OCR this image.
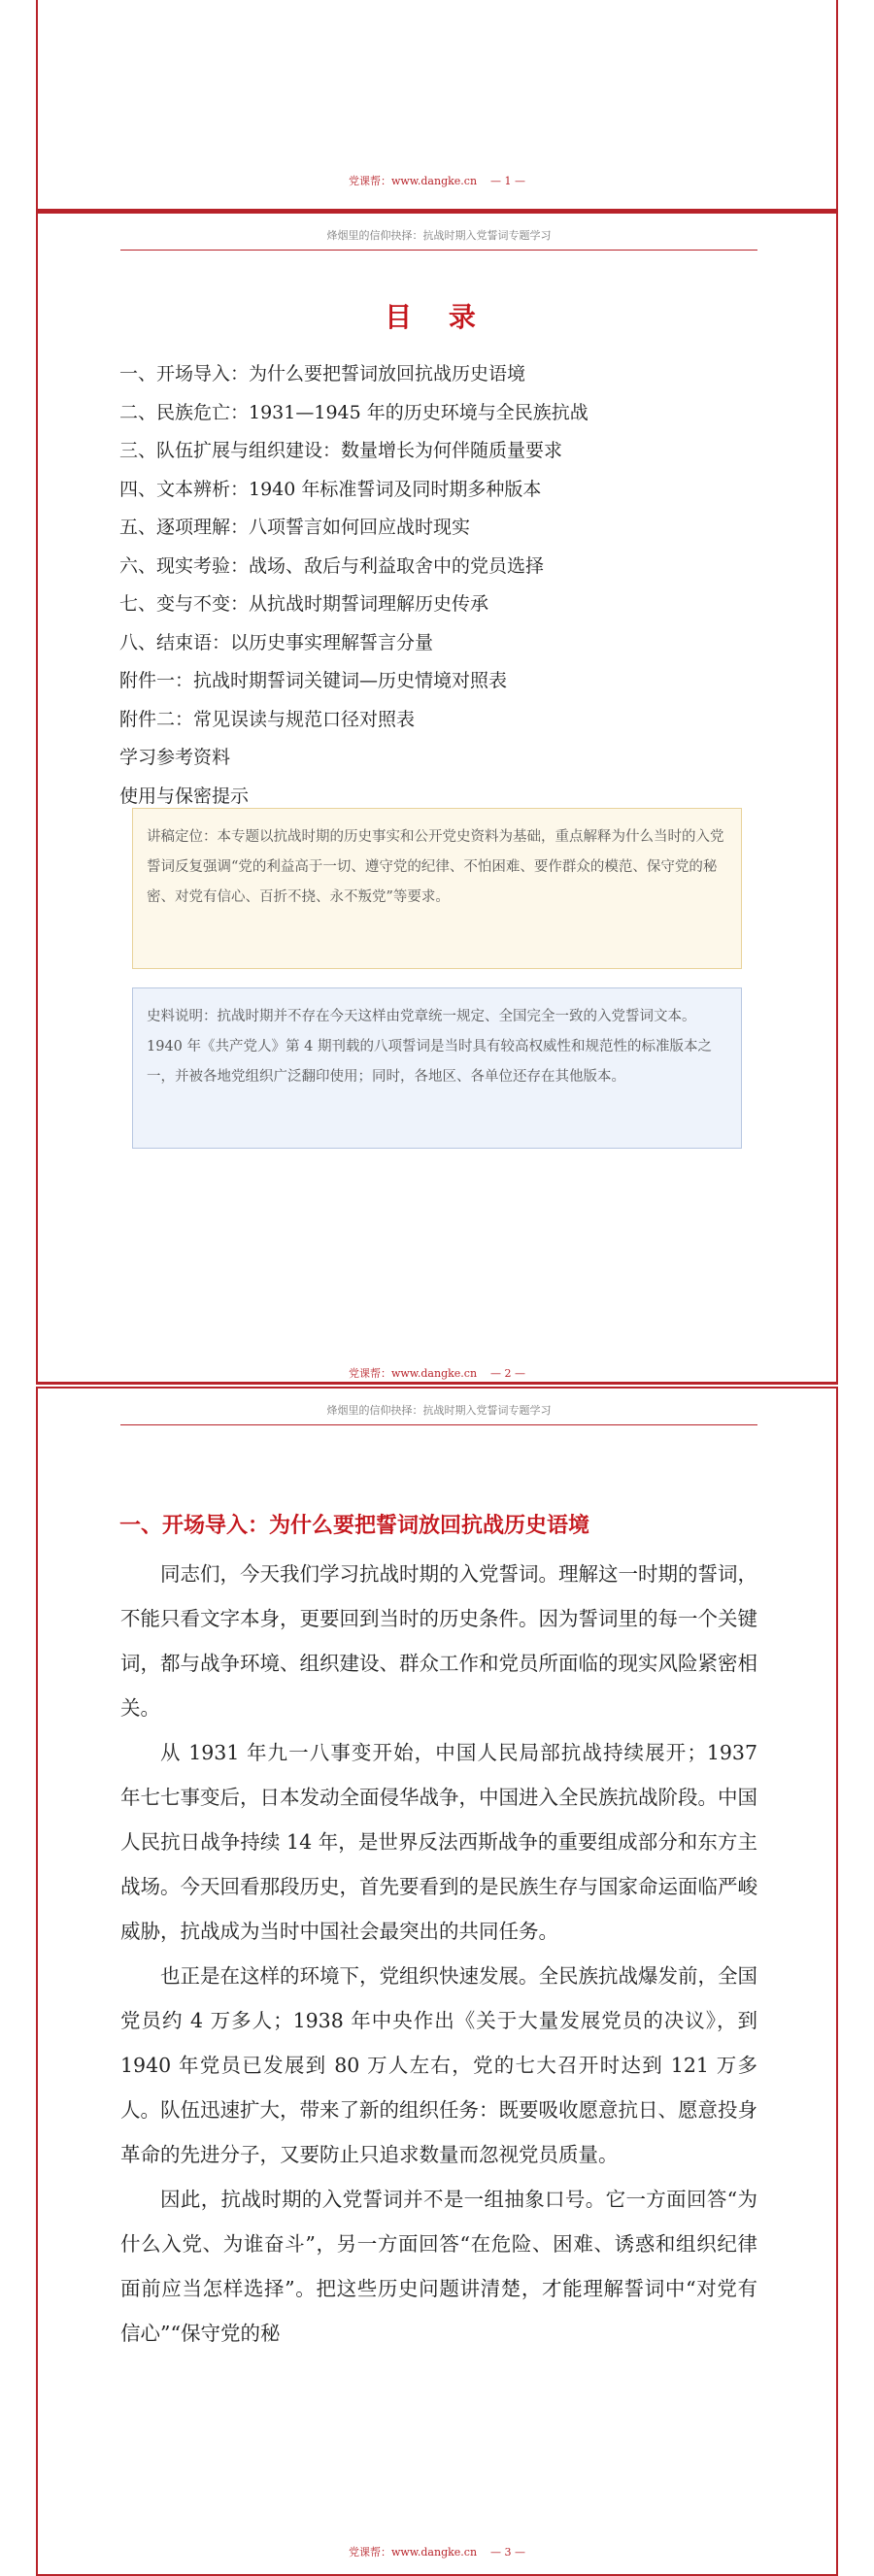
党课帮：www.dangke.cn — 1 —
烽烟里的信仰抉择：抗战时期入党誓词专题学习
目 录
一、开场导入：为什么要把誓词放回抗战历史语境
二、民族危亡：1931—1945 年的历史环境与全民族抗战
三、队伍扩展与组织建设：数量增长为何伴随质量要求
四、文本辨析：1940 年标准誓词及同时期多种版本
五、逐项理解：八项誓言如何回应战时现实
六、现实考验：战场、敌后与利益取舍中的党员选择
七、变与不变：从抗战时期誓词理解历史传承
八、结束语：以历史事实理解誓言分量
附件一：抗战时期誓词关键词—历史情境对照表
附件二：常见误读与规范口径对照表
学习参考资料
使用与保密提示
讲稿定位：本专题以抗战时期的历史事实和公开党史资料为基础，重点解释为什么当时的入党誓词反复强调“党的利益高于一切、遵守党的纪律、不怕困难、要作群众的模范、保守党的秘密、对党有信心、百折不挠、永不叛党”等要求。
史料说明：抗战时期并不存在今天这样由党章统一规定、全国完全一致的入党誓词文本。1940 年《共产党人》第 4 期刊载的八项誓词是当时具有较高权威性和规范性的标准版本之一，并被各地党组织广泛翻印使用；同时，各地区、各单位还存在其他版本。
党课帮：www.dangke.cn — 2 —
烽烟里的信仰抉择：抗战时期入党誓词专题学习
一、开场导入：为什么要把誓词放回抗战历史语境

同志们，今天我们学习抗战时期的入党誓词。理解这一时期的誓词，不能只看文字本身，更要回到当时的历史条件。因为誓词里的每一个关键词，都与战争环境、组织建设、群众工作和党员所面临的现实风险紧密相关。

从 1931 年九一八事变开始，中国人民局部抗战持续展开；1937 年七七事变后，日本发动全面侵华战争，中国进入全民族抗战阶段。中国人民抗日战争持续 14 年，是世界反法西斯战争的重要组成部分和东方主战场。今天回看那段历史，首先要看到的是民族生存与国家命运面临严峻威胁，抗战成为当时中国社会最突出的共同任务。

也正是在这样的环境下，党组织快速发展。全民族抗战爆发前，全国党员约 4 万多人；1938 年中央作出《关于大量发展党员的决议》，到 1940 年党员已发展到 80 万人左右，党的七大召开时达到 121 万多人。队伍迅速扩大，带来了新的组织任务：既要吸收愿意抗日、愿意投身革命的先进分子，又要防止只追求数量而忽视党员质量。

因此，抗战时期的入党誓词并不是一组抽象口号。它一方面回答“为什么入党、为谁奋斗”，另一方面回答“在危险、困难、诱惑和组织纪律面前应当怎样选择”。把这些历史问题讲清楚，才能理解誓词中“对党有信心”“保守党的秘

党课帮：www.dangke.cn — 3 —
